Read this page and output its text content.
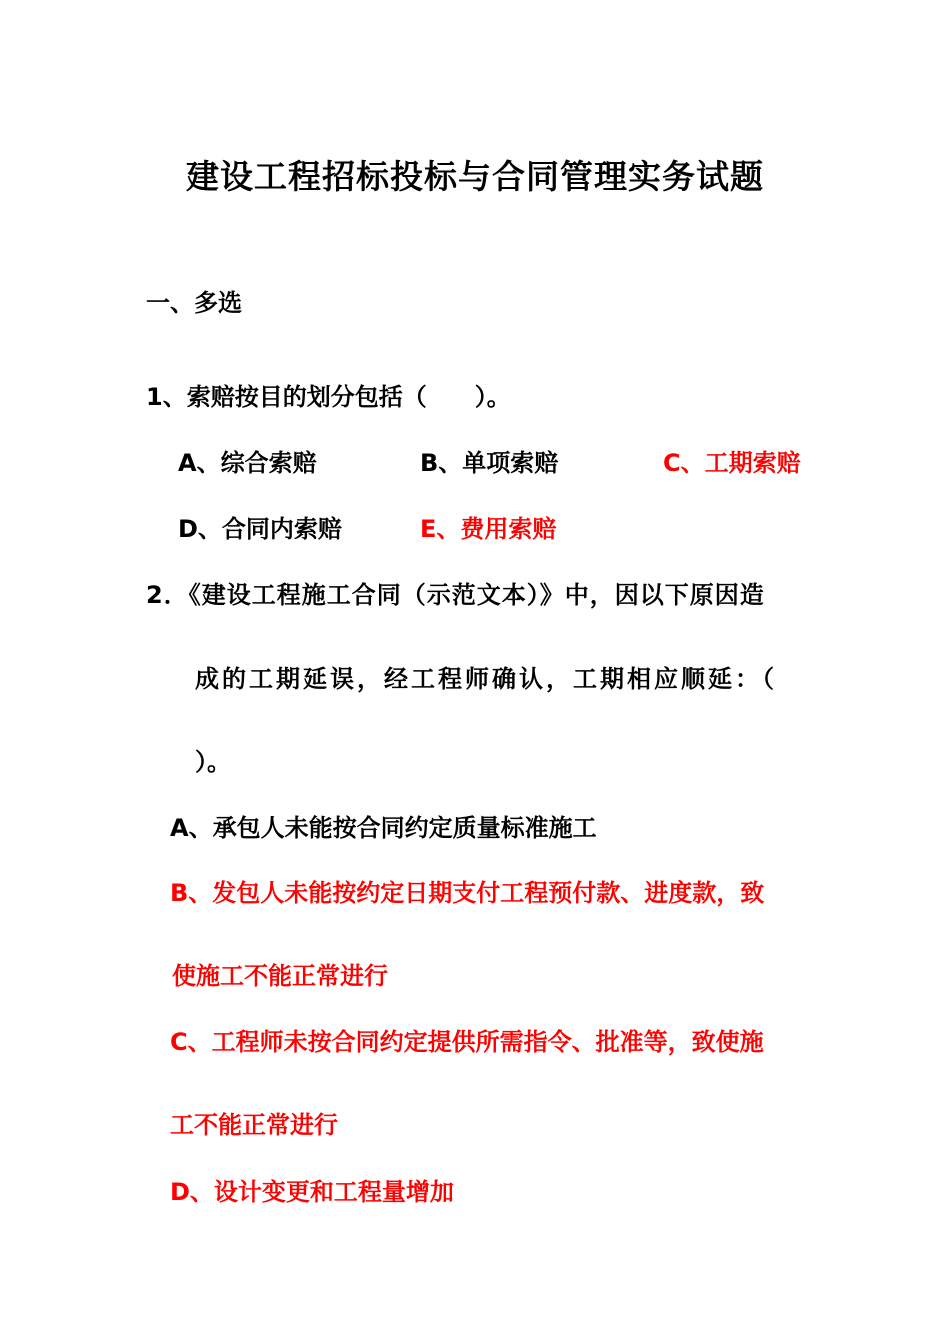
建设工程招标投标与合同管理实务试题
一、多选
1、索赔按目的划分包括（　　）。
A、综合索赔	B、单项索赔	C、工期索赔
D、合同内索赔	E、费用索赔
2．《建设工程施工合同（示范文本）》中，因以下原因造
成的工期延误，经工程师确认，工期相应顺延：（
）。
A、承包人未能按合同约定质量标准施工
B、发包人未能按约定日期支付工程预付款、进度款，致
使施工不能正常进行
C、工程师未按合同约定提供所需指令、批准等，致使施
工不能正常进行
D、设计变更和工程量增加
